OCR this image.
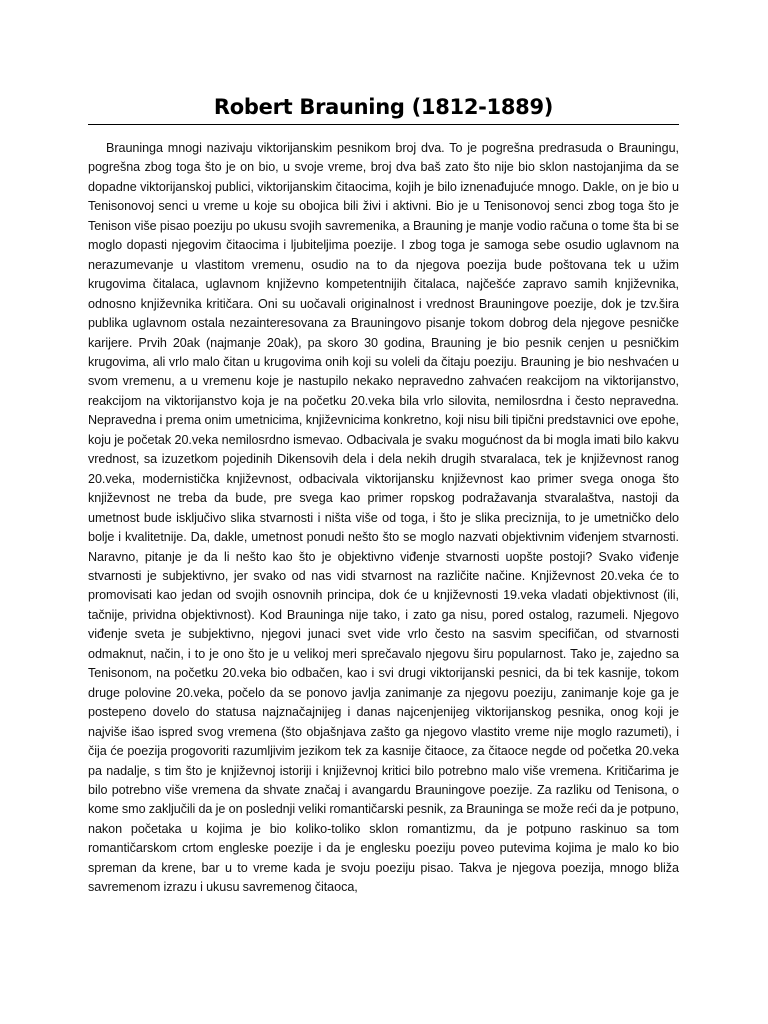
Robert Brauning (1812-1889)

Brauninga mnogi nazivaju viktorijanskim pesnikom broj dva. To je pogrešna predrasuda o Brauningu, pogrešna zbog toga što je on bio, u svoje vreme, broj dva baš zato što nije bio sklon nastojanjima da se dopadne viktorijanskoj publici, viktorijanskim čitaocima, kojih je bilo iznenađujuće mnogo. Dakle, on je bio u Tenisonovoj senci u vreme u koje su obojica bili živi i aktivni. Bio je u Tenisonovoj senci zbog toga što je Tenison više pisao poeziju po ukusu svojih savremenika, a Brauning je manje vodio računa o tome šta bi se moglo dopasti njegovim čitaocima i ljubiteljima poezije. I zbog toga je samoga sebe osudio uglavnom na nerazumevanje u vlastitom vremenu, osudio na to da njegova poezija bude poštovana tek u užim krugovima čitalaca, uglavnom književno kompetentnijih čitalaca, najčešće zapravo samih književnika, odnosno književnika kritičara. Oni su uočavali originalnost i vrednost Brauningove poezije, dok je tzv.šira publika uglavnom ostala nezainteresovana za Brauningovo pisanje tokom dobrog dela njegove pesničke karijere. Prvih 20ak (najmanje 20ak), pa skoro 30 godina, Brauning je bio pesnik cenjen u pesničkim krugovima, ali vrlo malo čitan u krugovima onih koji su voleli da čitaju poeziju. Brauning je bio neshvaćen u svom vremenu, a u vremenu koje je nastupilo nekako nepravedno zahvaćen reakcijom na viktorijanstvo, reakcijom na viktorijanstvo koja je na početku 20.veka bila vrlo silovita, nemilosrdna i često nepravedna. Nepravedna i prema onim umetnicima, književnicima konkretno, koji nisu bili tipični predstavnici ove epohe, koju je početak 20.veka nemilosrdno ismevao. Odbacivala je svaku mogućnost da bi mogla imati bilo kakvu vrednost, sa izuzetkom pojedinih Dikensovih dela i dela nekih drugih stvaralaca, tek je književnost ranog 20.veka, modernistička književnost, odbacivala viktorijansku književnost kao primer svega onoga što književnost ne treba da bude, pre svega kao primer ropskog podražavanja stvaralaštva, nastoji da umetnost bude isključivo slika stvarnosti i ništa više od toga, i što je slika preciznija, to je umetničko delo bolje i kvalitetnije. Da, dakle, umetnost ponudi nešto što se moglo nazvati objektivnim viđenjem stvarnosti. Naravno, pitanje je da li nešto kao što je objektivno viđenje stvarnosti uopšte postoji? Svako viđenje stvarnosti je subjektivno, jer svako od nas vidi stvarnost na različite načine. Književnost 20.veka će to promovisati kao jedan od svojih osnovnih principa, dok će u književnosti 19.veka vladati objektivnost (ili, tačnije, prividna objektivnost). Kod Brauninga nije tako, i zato ga nisu, pored ostalog, razumeli. Njegovo viđenje sveta je subjektivno, njegovi junaci svet vide vrlo često na sasvim specifičan, od stvarnosti odmaknut, način, i to je ono što je u velikoj meri sprečavalo njegovu širu popularnost. Tako je, zajedno sa Tenisonom, na početku 20.veka bio odbačen, kao i svi drugi viktorijanski pesnici, da bi tek kasnije, tokom druge polovine 20.veka, počelo da se ponovo javlja zanimanje za njegovu poeziju, zanimanje koje ga je postepeno dovelo do statusa najznačajnijeg i danas najcenjenijeg viktorijanskog pesnika, onog koji je najviše išao ispred svog vremena (što objašnjava zašto ga njegovo vlastito vreme nije moglo razumeti), i čija će poezija progovoriti razumljivim jezikom tek za kasnije čitaoce, za čitaoce negde od početka 20.veka pa nadalje, s tim što je književnoj istoriji i književnoj kritici bilo potrebno malo više vremena. Kritičarima je bilo potrebno više vremena da shvate značaj i avangardu Brauningove poezije. Za razliku od Tenisona, o kome smo zaključili da je on poslednji veliki romantičarski pesnik, za Brauninga se može reći da je potpuno, nakon početaka u kojima je bio koliko-toliko sklon romantizmu, da je potpuno raskinuo sa tom romantičarskom crtom engleske poezije i da je englesku poeziju poveo putevima kojima je malo ko bio spreman da krene, bar u to vreme kada je svoju poeziju pisao. Takva je njegova poezija, mnogo bliža savremenom izrazu i ukusu savremenog čitaoca,
